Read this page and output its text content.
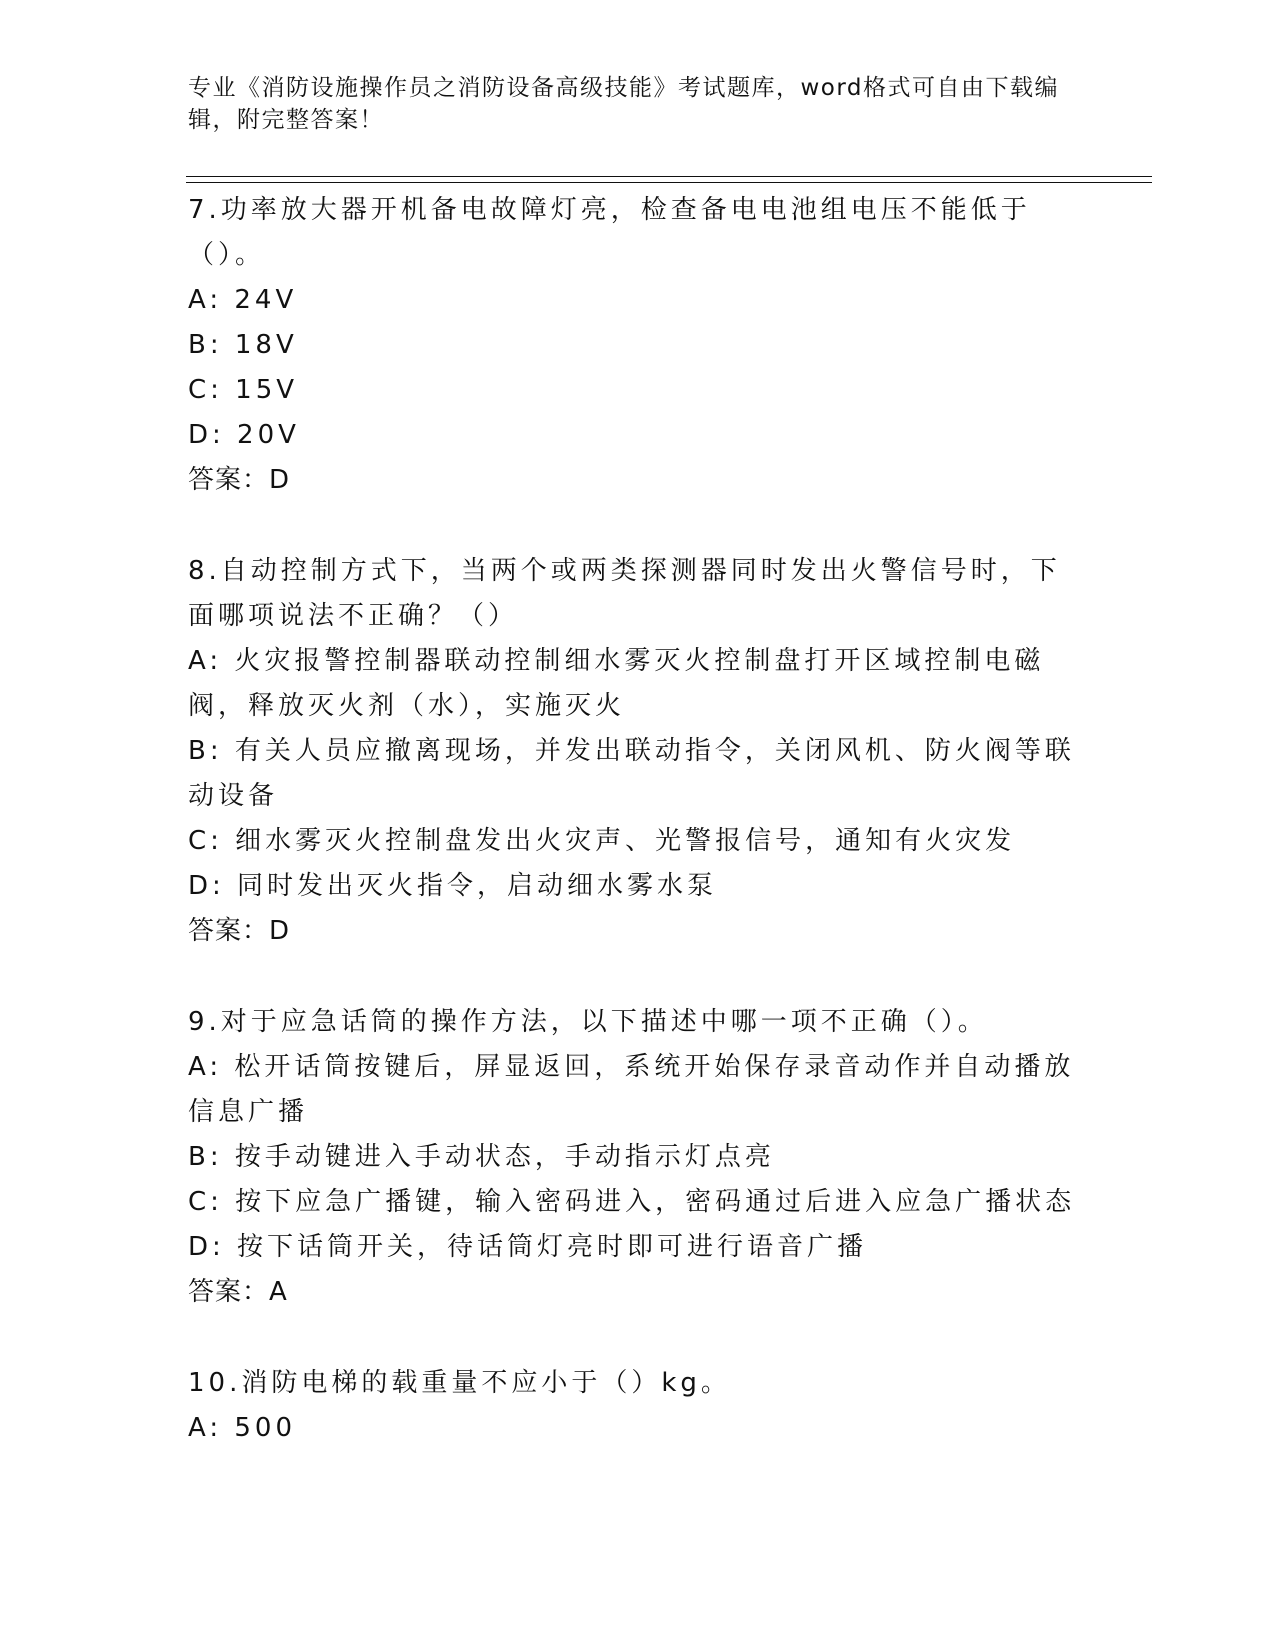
专业《消防设施操作员之消防设备高级技能》考试题库，word格式可自由下载编辑，附完整答案！
7.功率放大器开机备电故障灯亮，检查备电电池组电压不能低于（）。
A: 24V
B: 18V
C: 15V
D: 20V
答案：D
8.自动控制方式下，当两个或两类探测器同时发出火警信号时，下面哪项说法不正确？（）
A: 火灾报警控制器联动控制细水雾灭火控制盘打开区域控制电磁阀，释放灭火剂（水），实施灭火
B: 有关人员应撤离现场，并发出联动指令，关闭风机、防火阀等联动设备
C: 细水雾灭火控制盘发出火灾声、光警报信号，通知有火灾发
D: 同时发出灭火指令，启动细水雾水泵
答案：D
9.对于应急话筒的操作方法，以下描述中哪一项不正确（）。
A: 松开话筒按键后，屏显返回，系统开始保存录音动作并自动播放信息广播
B: 按手动键进入手动状态，手动指示灯点亮
C: 按下应急广播键，输入密码进入，密码通过后进入应急广播状态
D: 按下话筒开关，待话筒灯亮时即可进行语音广播
答案：A
10.消防电梯的载重量不应小于（）kg。
A: 500
